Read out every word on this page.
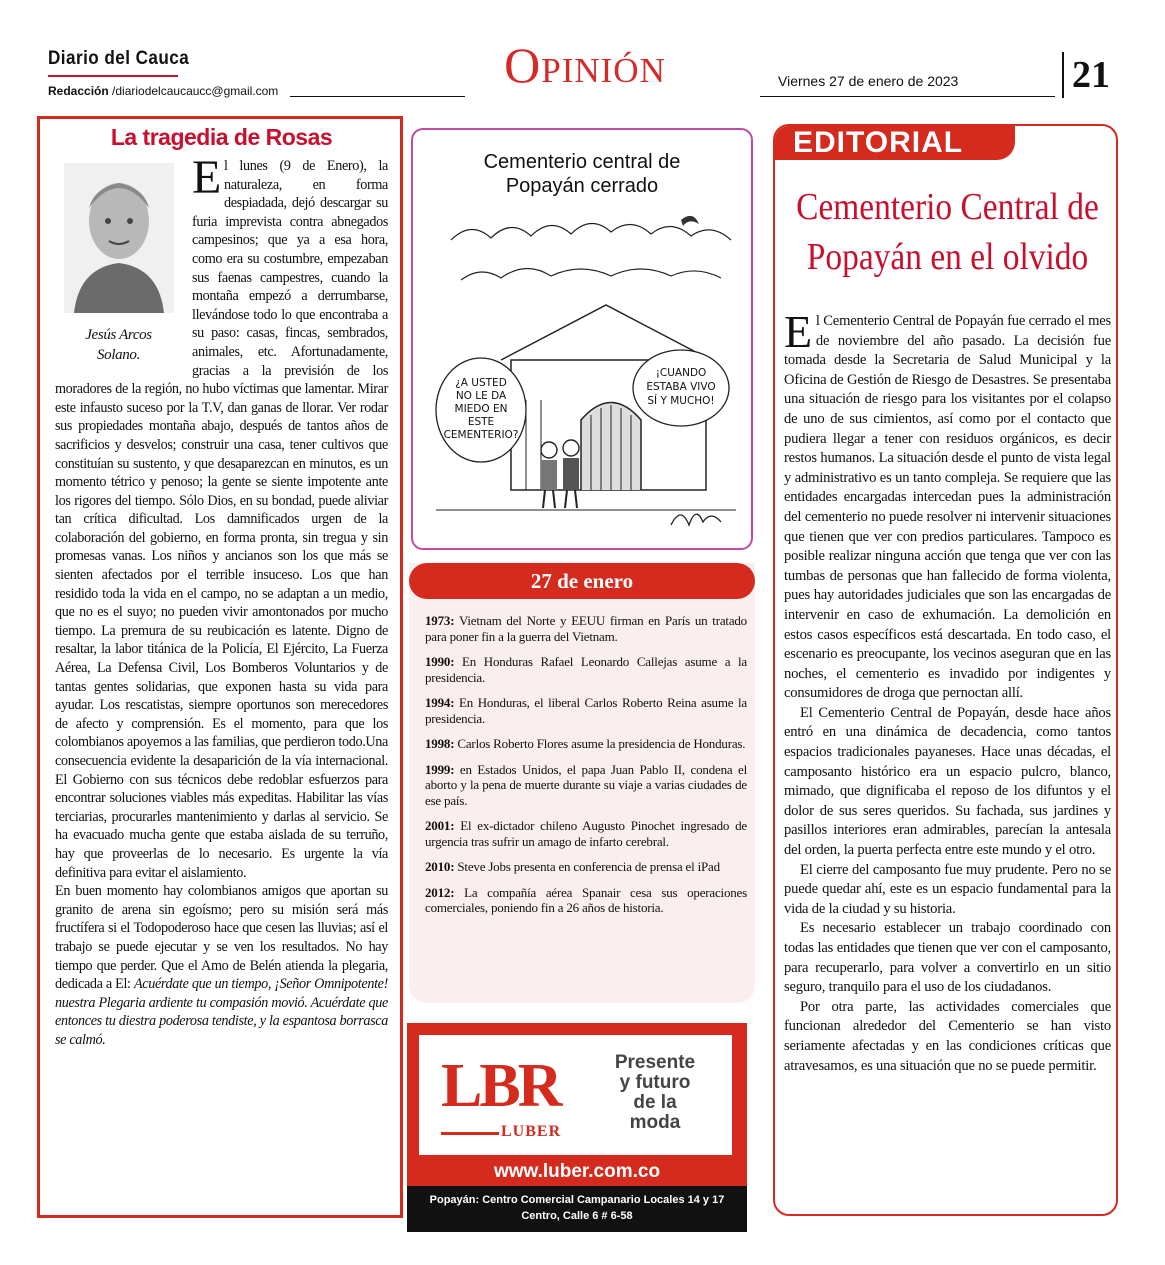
Diario del Cauca
Redacción /diariodelcaucaucc@gmail.com	Opinión	Viernes 27 de enero de 2023	21
La tragedia de Rosas
Jesús Arcos
Solano.

El lunes (9 de Enero), la naturaleza, en forma despiadada, dejó descargar su furia imprevista contra abnegados campesinos; que ya a esa hora, como era su costumbre, empezaban sus faenas campestres, cuando la montaña empezó a derrumbarse, llevándose todo lo que encontraba a su paso: casas, fincas, sembrados, animales, etc. Afortunadamente, gracias a la previsión de los moradores de la región, no hubo víctimas que lamentar. Mirar este infausto suceso por la T.V, dan ganas de llorar. Ver rodar sus propiedades montaña abajo, después de tantos años de sacrificios y desvelos; construir una casa, tener cultivos que constituían su sustento, y que desaparezcan en minutos, es un momento tétrico y penoso; la gente se siente impotente ante los rigores del tiempo. Sólo Dios, en su bondad, puede aliviar tan crítica dificultad. Los damnificados urgen de la colaboración del gobierno, en forma pronta, sin tregua y sin promesas vanas. Los niños y ancianos son los que más se sienten afectados por el terrible insuceso. Los que han residido toda la vida en el campo, no se adaptan a un medio, que no es el suyo; no pueden vivir amontonados por mucho tiempo. La premura de su reubicación es latente. Digno de resaltar, la labor titánica de la Policía, El Ejército, La Fuerza Aérea, La Defensa Civil, Los Bomberos Voluntarios y de tantas gentes solidarias, que exponen hasta su vida para ayudar. Los rescatistas, siempre oportunos son merecedores de afecto y comprensión. Es el momento, para que los colombianos apoyemos a las familias, que perdieron todo.Una consecuencia evidente la desaparición de la vía internacional. El Gobierno con sus técnicos debe redoblar esfuerzos para encontrar soluciones viables más expeditas. Habilitar las vías terciarias, procurarles mantenimiento y darlas al servicio. Se ha evacuado mucha gente que estaba aislada de su terruño, hay que proveerlas de lo necesario. Es urgente la vía definitiva para evitar el aislamiento.

En buen momento hay colombianos amigos que aportan su granito de arena sin egoísmo; pero su misión será más fructífera si el Todopoderoso hace que cesen las lluvias; así el trabajo se puede ejecutar y se ven los resultados. No hay tiempo que perder. Que el Amo de Belén atienda la plegaria, dedicada a El: Acuérdate que un tiempo, ¡Señor Omnipotente! nuestra Plegaria ardiente tu compasión movió. Acuérdate que entonces tu diestra poderosa tendiste, y la espantosa borrasca se calmó.

Cementerio central de
Popayán cerrado
¿A USTED
NO LE DA
MIEDO EN
ESTE
CEMENTERIO?
¡CUANDO
ESTABA VIVO
SÍ Y MUCHO!
27 de enero
1973: Vietnam del Norte y EEUU firman en París un tratado para poner fin a la guerra del Vietnam.
1990: En Honduras Rafael Leonardo Callejas asume a la presidencia.
1994: En Honduras, el liberal Carlos Roberto Reina asume la presidencia.
1998: Carlos Roberto Flores asume la presidencia de Honduras.
1999: en Estados Unidos, el papa Juan Pablo II, condena el aborto y la pena de muerte durante su viaje a varias ciudades de ese país.
2001: El ex-dictador chileno Augusto Pinochet ingresado de urgencia tras sufrir un amago de infarto cerebral.
2010: Steve Jobs presenta en conferencia de prensa el iPad
2012: La compañía aérea Spanair cesa sus operaciones comerciales, poniendo fin a 26 años de historia.
LBR
LUBER
Presente
y futuro
de la
moda
www.luber.com.co
Popayán: Centro Comercial Campanario Locales 14 y 17
Centro, Calle 6 # 6-58
EDITORIAL
Cementerio Central de
Popayán en el olvido

El Cementerio Central de Popayán fue cerrado el mes de noviembre del año pasado. La decisión fue tomada desde la Secretaria de Salud Municipal y la Oficina de Gestión de Riesgo de Desastres. Se presentaba una situación de riesgo para los visitantes por el colapso de uno de sus cimientos, así como por el contacto que pudiera llegar a tener con residuos orgánicos, es decir restos humanos. La situación desde el punto de vista legal y administrativo es un tanto compleja. Se requiere que las entidades encargadas intercedan pues la administración del cementerio no puede resolver ni intervenir situaciones que tienen que ver con predios particulares. Tampoco es posible realizar ninguna acción que tenga que ver con las tumbas de personas que han fallecido de forma violenta, pues hay autoridades judiciales que son las encargadas de intervenir en caso de exhumación. La demolición en estos casos específicos está descartada. En todo caso, el escenario es preocupante, los vecinos aseguran que en las noches, el cementerio es invadido por indigentes y consumidores de droga que pernoctan allí.

El Cementerio Central de Popayán, desde hace años entró en una dinámica de decadencia, como tantos espacios tradicionales payaneses. Hace unas décadas, el camposanto histórico era un espacio pulcro, blanco, mimado, que dignificaba el reposo de los difuntos y el dolor de sus seres queridos. Su fachada, sus jardines y pasillos interiores eran admirables, parecían la antesala del orden, la puerta perfecta entre este mundo y el otro.

El cierre del camposanto fue muy prudente. Pero no se puede quedar ahí, este es un espacio fundamental para la vida de la ciudad y su historia.

Es necesario establecer un trabajo coordinado con todas las entidades que tienen que ver con el camposanto, para recuperarlo, para volver a convertirlo en un sitio seguro, tranquilo para el uso de los ciudadanos.

Por otra parte, las actividades comerciales que funcionan alrededor del Cementerio se han visto seriamente afectadas y en las condiciones críticas que atravesamos, es una situación que no se puede permitir.
